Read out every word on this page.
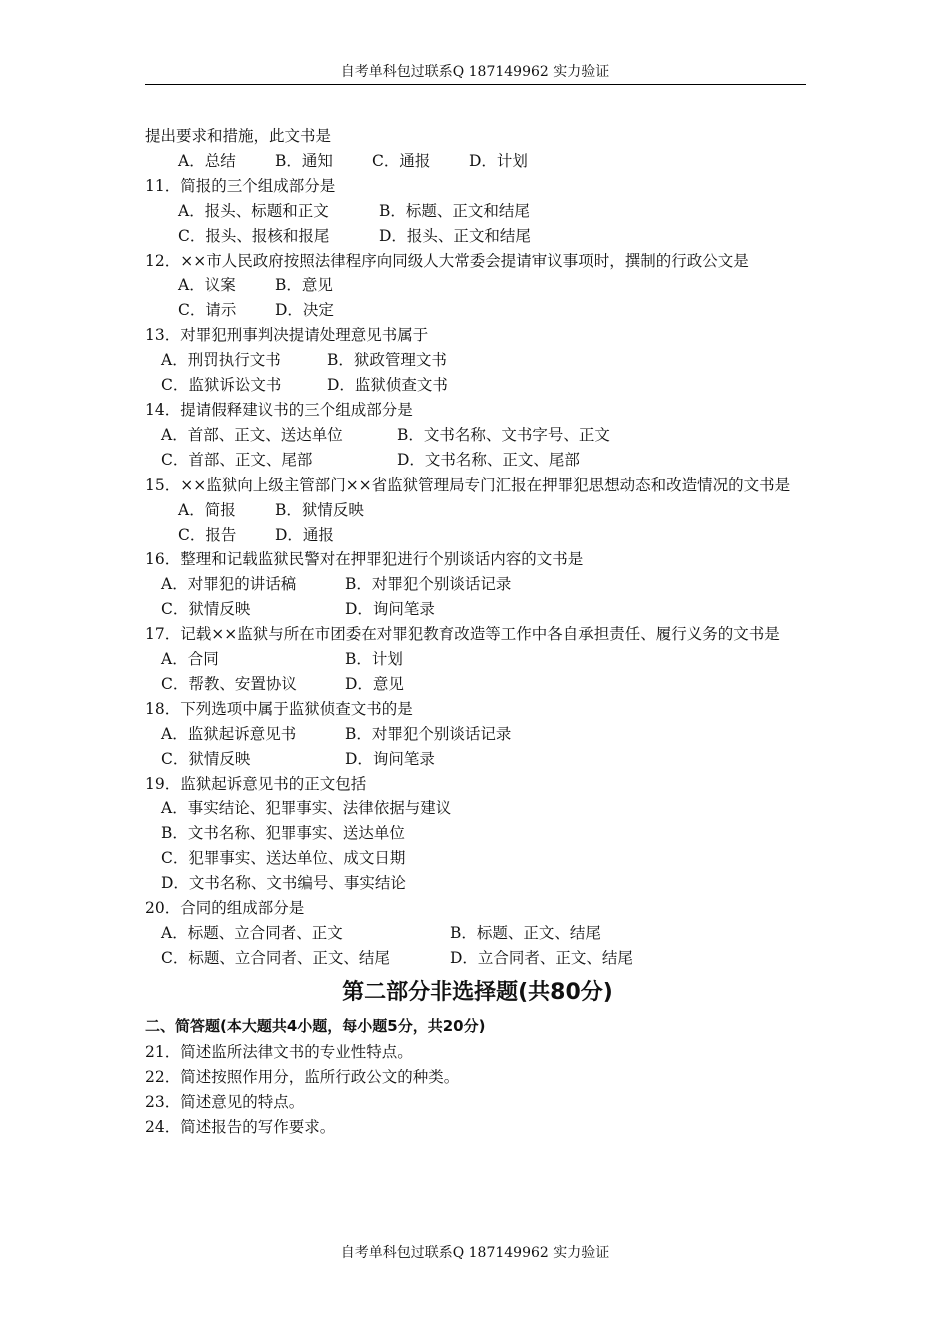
自考单科包过联系Q 187149962 实力验证
提出要求和措施，此文书是
A．总结	B．通知	C．通报 D．计划
11．简报的三个组成部分是
A．报头、标题和正文	B．标题、正文和结尾
C．报头、报核和报尾	D．报头、正文和结尾
12．××市人民政府按照法律程序向同级人大常委会提请审议事项时，撰制的行政公文是
A．议案	B．意见
C．请示 D．决定
13．对罪犯刑事判决提请处理意见书属于
A．刑罚执行文书	B．狱政管理文书
C．监狱诉讼文书	D．监狱侦查文书
14．提请假释建议书的三个组成部分是
A．首部、正文、送达单位	B．文书名称、文书字号、正文
C．首部、正文、尾部	D．文书名称、正文、尾部
15．××监狱向上级主管部门××省监狱管理局专门汇报在押罪犯思想动态和改造情况的文书是
A．简报	B．狱情反映
C．报告 D．通报
16．整理和记载监狱民警对在押罪犯进行个别谈话内容的文书是
A．对罪犯的讲话稿	B．对罪犯个别谈话记录
C．狱情反映	D．询问笔录
17．记载××监狱与所在市团委在对罪犯教育改造等工作中各自承担责任、履行义务的文书是
A．合同	B．计划
C．帮教、安置协议	D．意见
18．下列选项中属于监狱侦查文书的是
A．监狱起诉意见书	B．对罪犯个别谈话记录
C．狱情反映	D．询问笔录
19．监狱起诉意见书的正文包括
A．事实结论、犯罪事实、法律依据与建议
B．文书名称、犯罪事实、送达单位
C．犯罪事实、送达单位、成文日期
D．文书名称、文书编号、事实结论
20．合同的组成部分是
A．标题、立合同者、正文	B．标题、正文、结尾
C．标题、立合同者、正文、结尾	D．立合同者、正文、结尾
第二部分非选择题(共80分)
二、简答题(本大题共4小题，每小题5分，共20分)
21．简述监所法律文书的专业性特点。
22．简述按照作用分，监所行政公文的种类。
23．简述意见的特点。
24．简述报告的写作要求。
自考单科包过联系Q 187149962 实力验证
